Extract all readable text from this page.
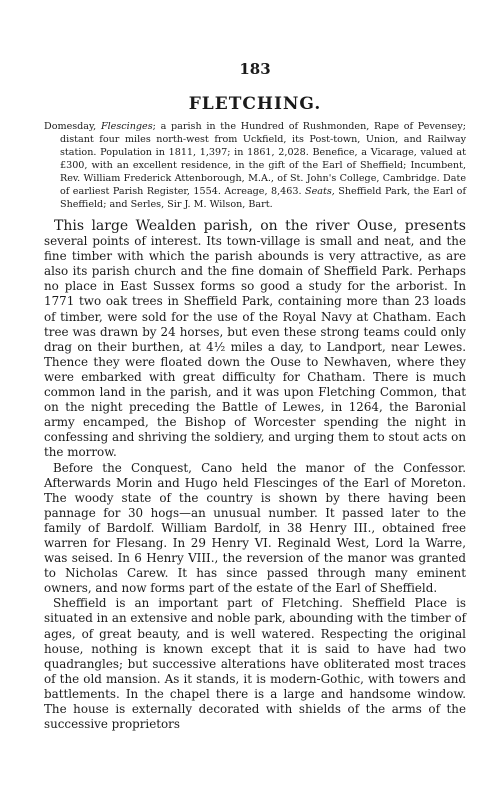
183
FLETCHING.

Domesday, Flescinges; a parish in the Hundred of Rushmonden, Rape of Pevensey; distant four miles north-west from Uckfield, its Post-town, Union, and Railway station. Population in 1811, 1,397; in 1861, 2,028. Benefice, a Vicarage, valued at £300, with an excellent residence, in the gift of the Earl of Sheffield; Incumbent, Rev. William Frederick Attenborough, M.A., of St. John's College, Cambridge. Date of earliest Parish Register, 1554. Acreage, 8,463. Seats, Sheffield Park, the Earl of Sheffield; and Serles, Sir J. M. Wilson, Bart.

This large Wealden parish, on the river Ouse, presents several points of interest. Its town-village is small and neat, and the fine timber with which the parish abounds is very attractive, as are also its parish church and the fine domain of Sheffield Park. Perhaps no place in East Sussex forms so good a study for the arborist. In 1771 two oak trees in Sheffield Park, containing more than 23 loads of timber, were sold for the use of the Royal Navy at Chatham. Each tree was drawn by 24 horses, but even these strong teams could only drag on their burthen, at 4½ miles a day, to Landport, near Lewes. Thence they were floated down the Ouse to Newhaven, where they were embarked with great difficulty for Chatham. There is much common land in the parish, and it was upon Fletching Common, that on the night preceding the Battle of Lewes, in 1264, the Baronial army encamped, the Bishop of Worcester spending the night in confessing and shriving the soldiery, and urging them to stout acts on the morrow.

Before the Conquest, Cano held the manor of the Confessor. Afterwards Morin and Hugo held Flescinges of the Earl of Moreton. The woody state of the country is shown by there having been pannage for 30 hogs—an unusual number. It passed later to the family of Bardolf. William Bardolf, in 38 Henry III., obtained free warren for Flesang. In 29 Henry VI. Reginald West, Lord la Warre, was seised. In 6 Henry VIII., the reversion of the manor was granted to Nicholas Carew. It has since passed through many eminent owners, and now forms part of the estate of the Earl of Sheffield.

Sheffield is an important part of Fletching. Sheffield Place is situated in an extensive and noble park, abounding with the timber of ages, of great beauty, and is well watered. Respecting the original house, nothing is known except that it is said to have had two quadrangles; but successive alterations have obliterated most traces of the old mansion. As it stands, it is modern-Gothic, with towers and battlements. In the chapel there is a large and handsome window. The house is externally decorated with shields of the arms of the successive proprietors
